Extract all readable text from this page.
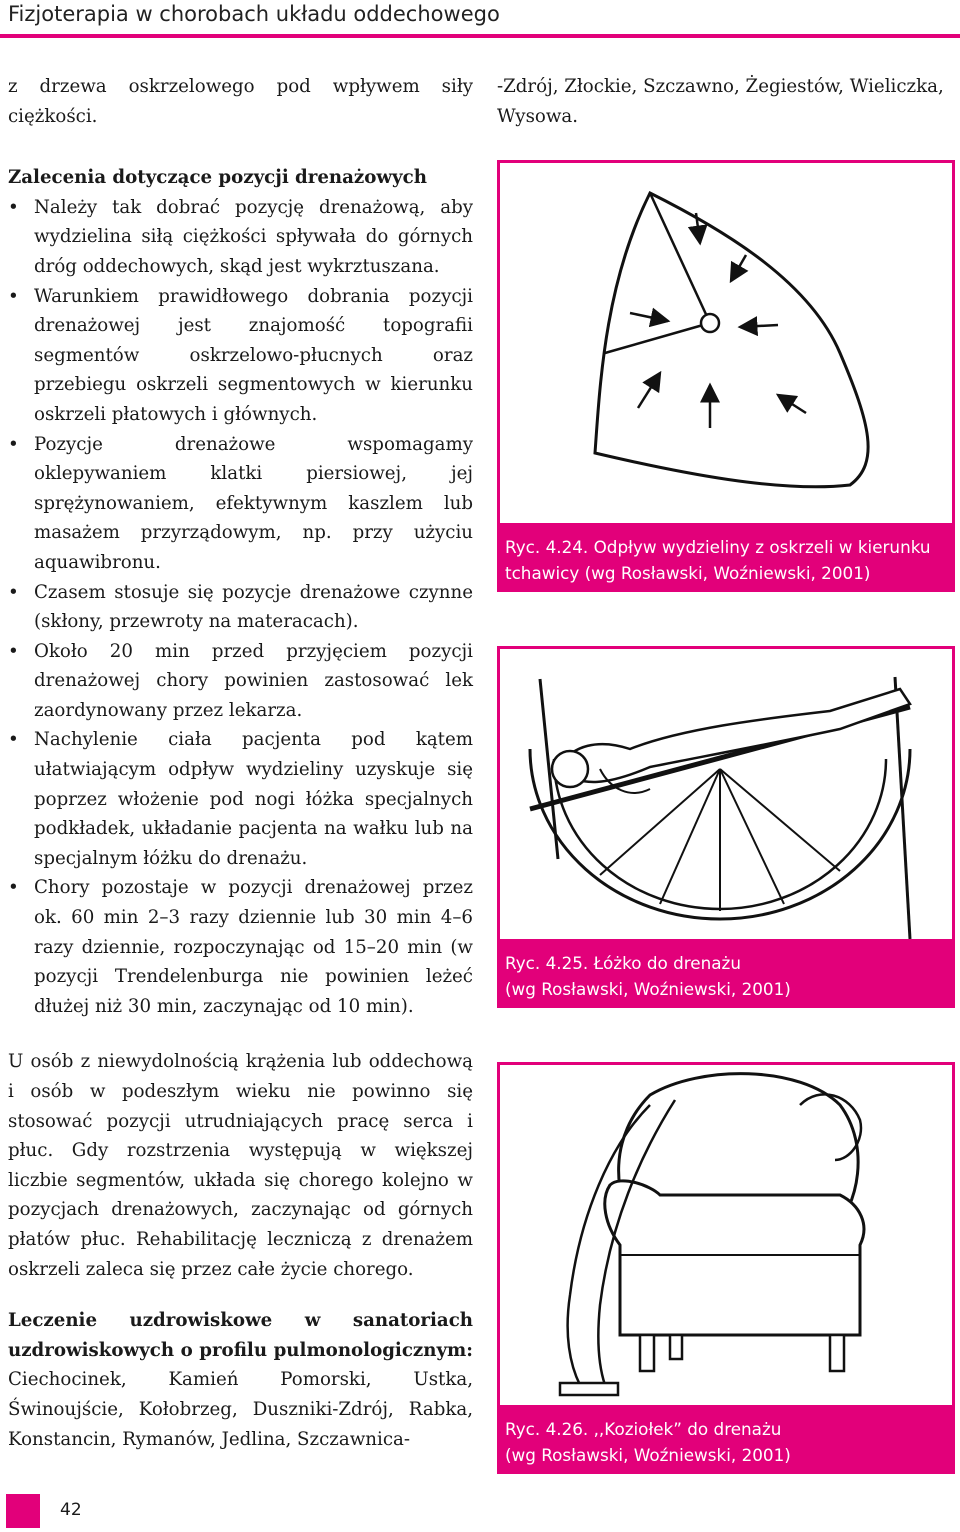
Fizjoterapia w chorobach układu oddechowego

z drzewa oskrzelowego pod wpływem siły ciężkości.

Zalecenia dotyczące pozycji drenażowych

• Należy tak dobrać pozycję drenażową, aby wydzielina siłą ciężkości spływała do górnych dróg oddechowych, skąd jest wykrztuszana.
• Warunkiem prawidłowego dobrania pozycji drenażowej jest znajomość topografii segmentów oskrzelowo-płucnych oraz przebiegu oskrzeli segmentowych w kierunku oskrzeli płatowych i głównych.
• Pozycje drenażowe wspomagamy oklepywaniem klatki piersiowej, jej sprężynowaniem, efektywnym kaszlem lub masażem przyrządowym, np. przy użyciu aquawibronu.
• Czasem stosuje się pozycje drenażowe czynne (skłony, przewroty na materacach).
• Około 20 min przed przyjęciem pozycji drenażowej chory powinien zastosować lek zaordynowany przez lekarza.
• Nachylenie ciała pacjenta pod kątem ułatwiającym odpływ wydzieliny uzyskuje się poprzez włożenie pod nogi łóżka specjalnych podkładek, układanie pacjenta na wałku lub na specjalnym łóżku do drenażu.
• Chory pozostaje w pozycji drenażowej przez ok. 60 min 2–3 razy dziennie lub 30 min 4–6 razy dziennie, rozpoczynając od 15–20 min (w pozycji Trendelenburga nie powinien leżeć dłużej niż 30 min, zaczynając od 10 min).

U osób z niewydolnością krążenia lub oddechową i osób w podeszłym wieku nie powinno się stosować pozycji utrudniających pracę serca i płuc. Gdy rozstrzenia występują w większej liczbie segmentów, układa się chorego kolejno w pozycjach drenażowych, zaczynając od górnych płatów płuc. Rehabilitację leczniczą z drenażem oskrzeli zaleca się przez całe życie chorego.

Leczenie uzdrowiskowe w sanatoriach uzdrowiskowych o profilu pulmonologicznym: Ciechocinek, Kamień Pomorski, Ustka, Świnoujście, Kołobrzeg, Duszniki-Zdrój, Rabka, Konstancin, Rymanów, Jedlina, Szczawnica-

-Zdrój, Złockie, Szczawno, Żegiestów, Wieliczka, Wysowa.

Ryc. 4.24. Odpływ wydzieliny z oskrzeli w kierunku
tchawicy (wg Rosławski, Woźniewski, 2001)
Ryc. 4.25. Łóżko do drenażu
(wg Rosławski, Woźniewski, 2001)
Ryc. 4.26. ,,Koziołek” do drenażu
(wg Rosławski, Woźniewski, 2001)
42
